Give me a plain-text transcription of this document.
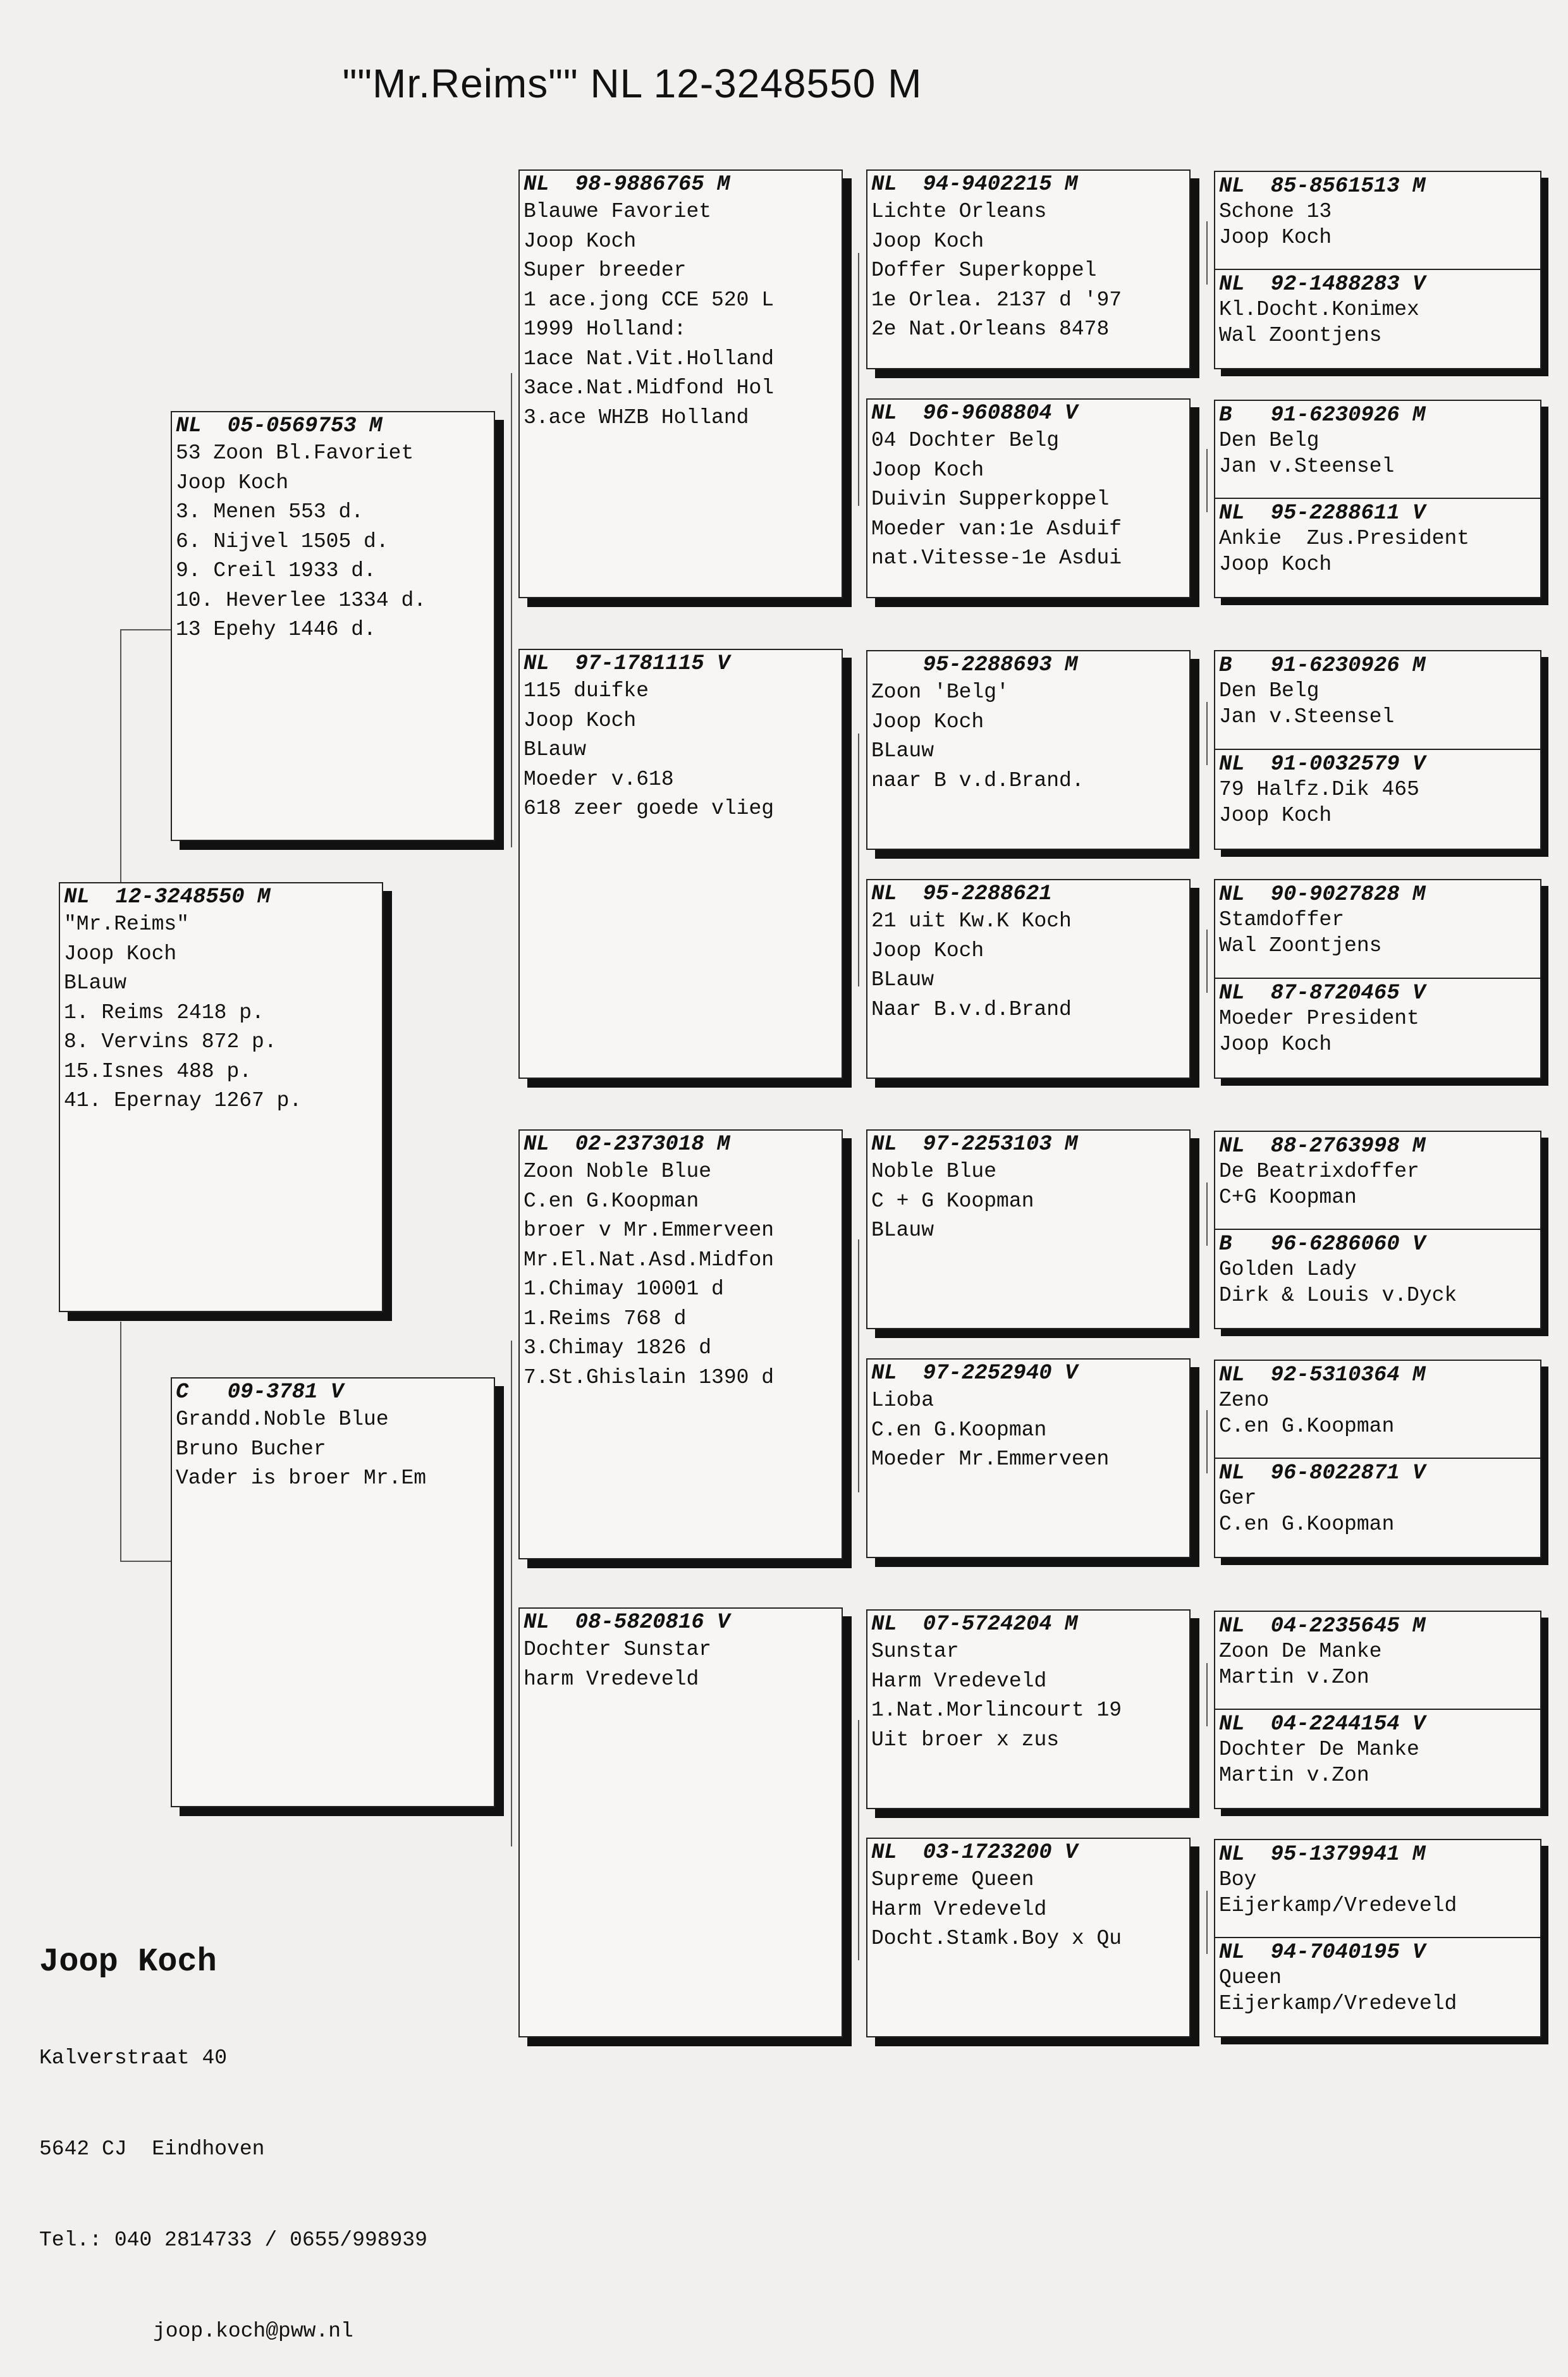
""Mr.Reims"" NL 12-3248550 M
NL  12-3248550 M
"Mr.Reims"
Joop Koch
BLauw
1. Reims 2418 p.
8. Vervins 872 p.
15.Isnes 488 p.
41. Epernay 1267 p.
NL  05-0569753 M
53 Zoon Bl.Favoriet
Joop Koch
3. Menen 553 d.
6. Nijvel 1505 d.
9. Creil 1933 d.
10. Heverlee 1334 d.
13 Epehy 1446 d.
C   09-3781 V
Grandd.Noble Blue
Bruno Bucher
Vader is broer Mr.Em
NL  98-9886765 M
Blauwe Favoriet
Joop Koch
Super breeder
1 ace.jong CCE 520 L
1999 Holland:
1ace Nat.Vit.Holland
3ace.Nat.Midfond Hol
3.ace WHZB Holland
NL  97-1781115 V
115 duifke
Joop Koch
BLauw
Moeder v.618
618 zeer goede vlieg
NL  02-2373018 M
Zoon Noble Blue
C.en G.Koopman
broer v Mr.Emmerveen
Mr.El.Nat.Asd.Midfon
1.Chimay 10001 d
1.Reims 768 d
3.Chimay 1826 d
7.St.Ghislain 1390 d
NL  08-5820816 V
Dochter Sunstar
harm Vredeveld
NL  94-9402215 M
Lichte Orleans
Joop Koch
Doffer Superkoppel
1e Orlea. 2137 d '97
2e Nat.Orleans 8478
NL  96-9608804 V
04 Dochter Belg
Joop Koch
Duivin Supperkoppel
Moeder van:1e Asduif
nat.Vitesse-1e Asdui
95-2288693 M
Zoon 'Belg'
Joop Koch
BLauw
naar B v.d.Brand.
NL  95-2288621
21 uit Kw.K Koch
Joop Koch
BLauw
Naar B.v.d.Brand
NL  97-2253103 M
Noble Blue
C + G Koopman
BLauw
NL  97-2252940 V
Lioba
C.en G.Koopman
Moeder Mr.Emmerveen
NL  07-5724204 M
Sunstar
Harm Vredeveld
1.Nat.Morlincourt 19
Uit broer x zus
NL  03-1723200 V
Supreme Queen
Harm Vredeveld
Docht.Stamk.Boy x Qu
NL  85-8561513 M
Schone 13
Joop Koch
NL  92-1488283 V
Kl.Docht.Konimex
Wal Zoontjens
B   91-6230926 M
Den Belg
Jan v.Steensel
NL  95-2288611 V
Ankie  Zus.President
Joop Koch
B   91-6230926 M
Den Belg
Jan v.Steensel
NL  91-0032579 V
79 Halfz.Dik 465
Joop Koch
NL  90-9027828 M
Stamdoffer
Wal Zoontjens
NL  87-8720465 V
Moeder President
Joop Koch
NL  88-2763998 M
De Beatrixdoffer
C+G Koopman
B   96-6286060 V
Golden Lady
Dirk & Louis v.Dyck
NL  92-5310364 M
Zeno
C.en G.Koopman
NL  96-8022871 V
Ger
C.en G.Koopman
NL  04-2235645 M
Zoon De Manke
Martin v.Zon
NL  04-2244154 V
Dochter De Manke
Martin v.Zon
NL  95-1379941 M
Boy
Eijerkamp/Vredeveld
NL  94-7040195 V
Queen
Eijerkamp/Vredeveld

Joop Koch

Kalverstraat 40

5642 CJ  Eindhoven

Tel.: 040 2814733 / 0655/998939

joop.koch@pww.nl
